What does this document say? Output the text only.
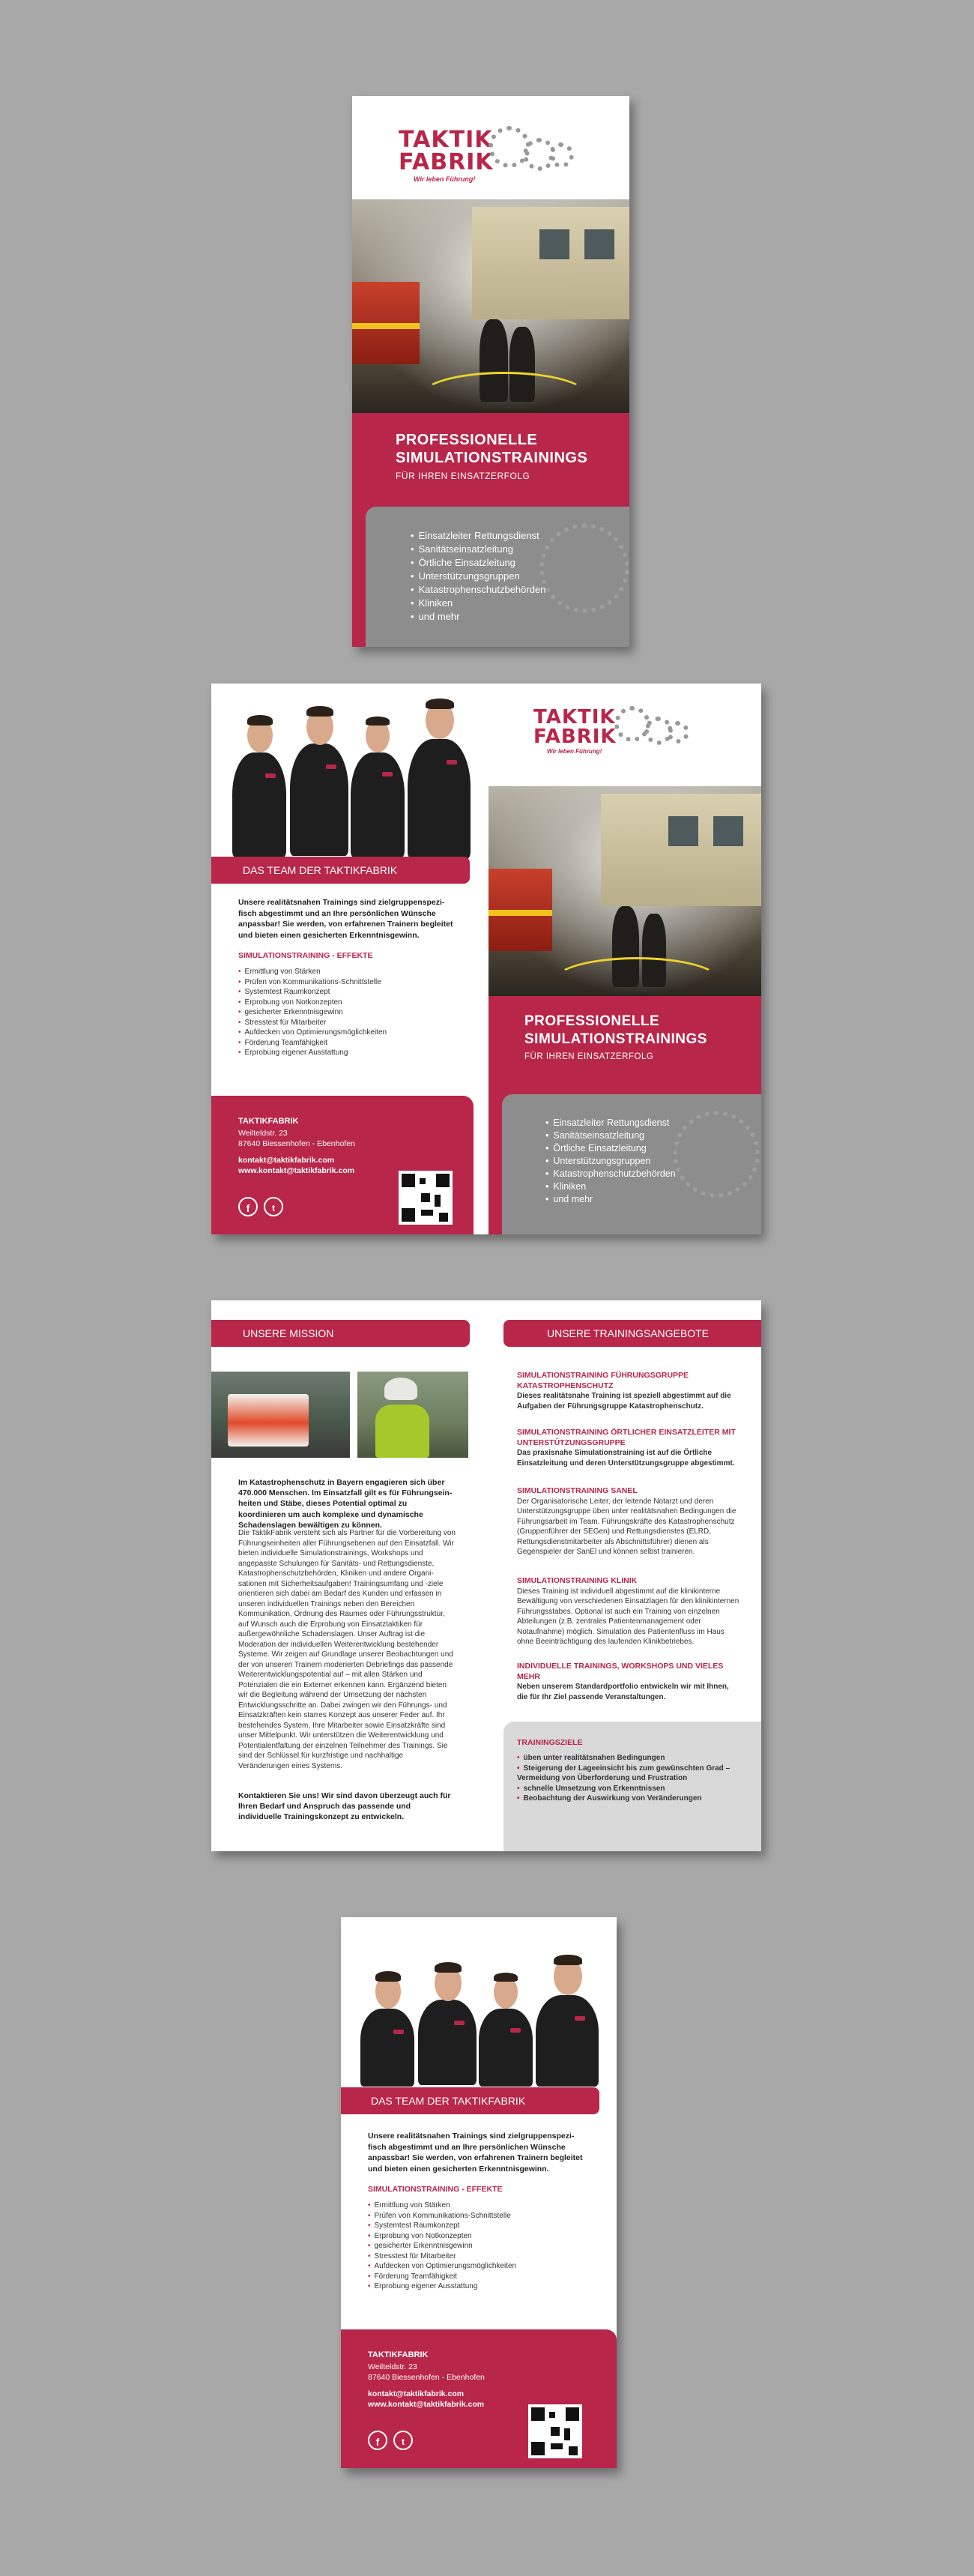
TAKTIK
FABRIK
Wir leben Führung!
PROFESSIONELLE
SIMULATIONSTRAININGS
FÜR IHREN EINSATZERFOLG
• Einsatzleiter Rettungsdienst
• Sanitätseinsatzleitung
• Örtliche Einsatzleitung
• Unterstützungsgruppen
• Katastrophenschutzbehörden
• Kliniken
• und mehr
DAS TEAM DER TAKTIKFABRIK
Unsere realitätsnahen Trainings sind zielgruppenspezifisch abgestimmt und an Ihre persönlichen Wünsche anpassbar! Sie werden, von erfahrenen Trainern begleitet und bieten einen gesicherten Erkenntnisgewinn.
SIMULATIONSTRAINING - EFFEKTE
• Ermittlung von Stärken
• Prüfen von Kommunikations-Schnittstelle
• Systemtest Raumkonzept
• Erprobung von Notkonzepten
• gesicherter Erkenntnisgewinn
• Stresstest für Mitarbeiter
• Aufdecken von Optimierungsmöglichkeiten
• Förderung Teamfähigkeit
• Erprobung eigener Ausstattung
TAKTIKFABRIK
Weilteldstr. 23
87640 Biessenhofen - Ebenhofen
kontakt@taktikfabrik.com
www.kontakt@taktikfabrik.com
f	t
TAKTIK
FABRIK
Wir leben Führung!
PROFESSIONELLE
SIMULATIONSTRAININGS
FÜR IHREN EINSATZERFOLG
• Einsatzleiter Rettungsdienst
• Sanitätseinsatzleitung
• Örtliche Einsatzleitung
• Unterstützungsgruppen
• Katastrophenschutzbehörden
• Kliniken
• und mehr
UNSERE MISSION
Im Katastrophenschutz in Bayern engagieren sich über 470.000 Menschen. Im Einsatzfall gilt es für Führungseinheiten und Stäbe, dieses Potential optimal zu koordinieren um auch komplexe und dynamische Schadenslagen bewältigen zu können.
Die TaktikFabrik versteht sich als Partner für die Vorbereitung von Führungseinheiten aller Führungsebenen auf den Einsatzfall. Wir bieten individuelle Simulationstrainings, Workshops und angepasste Schulungen für Sanitäts- und Rettungsdienste, Katastrophenschutzbehörden, Kliniken und andere Organisationen mit Sicherheitsaufgaben! Trainingsumfang und -ziele orientieren sich dabei am Bedarf des Kunden und erfassen in unseren individuellen Trainings neben den Bereichen Kommunikation, Ordnung des Raumes oder Führungsstruktur, auf Wunsch auch die Erprobung von Einsatztaktiken für außergewöhnliche Schadenslagen. Unser Auftrag ist die Moderation der individuellen Weiterentwicklung bestehender Systeme. Wir zeigen auf Grundlage unserer Beobachtungen und der von unseren Trainern moderierten Debriefings das passende Weiterentwicklungspotential auf – mit allen Stärken und Potenzialen die ein Externer erkennen kann. Ergänzend bieten wir die Begleitung während der Umsetzung der nächsten Entwicklungsschritte an. Dabei zwingen wir den Führungs- und Einsatzkräften kein starres Konzept aus unserer Feder auf. Ihr bestehendes System, Ihre Mitarbeiter sowie Einsatzkräfte sind unser Mittelpunkt. Wir unterstützen die Weiterentwicklung und Potentialentfaltung der einzelnen Teilnehmer des Trainings. Sie sind der Schlüssel für kurzfristige und nachhaltige Veränderungen eines Systems.
Kontaktieren Sie uns! Wir sind davon überzeugt auch für Ihren Bedarf und Anspruch das passende und individuelle Trainingskonzept zu entwickeln.
UNSERE TRAININGSANGEBOTE
SIMULATIONSTRAINING FÜHRUNGSGRUPPE KATASTROPHENSCHUTZ
Dieses realitätsnahe Training ist speziell abgestimmt auf die Aufgaben der Führungsgruppe Katastrophenschutz.
SIMULATIONSTRAINING ÖRTLICHER EINSATZLEITER MIT UNTERSTÜTZUNGSGRUPPE
Das praxisnahe Simulationstraining ist auf die Örtliche Einsatzleitung und deren Unterstützungsgruppe abgestimmt.
SIMULATIONSTRAINING SANEL
Der Organisatorische Leiter, der leitende Notarzt und deren Unterstützungsgruppe üben unter realitätsnahen Bedingungen die Führungsarbeit im Team. Führungskräfte des Katastrophenschutz (Gruppenführer der SEGen) und Rettungsdienstes (ELRD, Rettungsdienstmitarbeiter als Abschnittsführer) dienen als Gegenspieler der SanEl und können selbst trainieren.
SIMULATIONSTRAINING KLINIK
Dieses Training ist individuell abgestimmt auf die klinikinterne Bewältigung von verschiedenen Einsatzlagen für den klinikinternen Führungsstabes. Optional ist auch ein Training von einzelnen Abteilungen (z.B. zentrales Patientenmanagement oder Notaufnahme) möglich. Simulation des Patientenfluss im Haus ohne Beeinträchtigung des laufenden Klinikbetriebes.
INDIVIDUELLE TRAININGS, WORKSHOPS UND VIELES MEHR
Neben unserem Standardportfolio entwickeln wir mit Ihnen, die für Ihr Ziel passende Veranstaltungen.
TRAININGSZIELE
• üben unter realitätsnahen Bedingungen
• Steigerung der Lageeinsicht bis zum gewünschten Grad – Vermeidung von Überforderung und Frustration
• schnelle Umsetzung von Erkenntnissen
• Beobachtung der Auswirkung von Veränderungen
DAS TEAM DER TAKTIKFABRIK
Unsere realitätsnahen Trainings sind zielgruppenspezifisch abgestimmt und an Ihre persönlichen Wünsche anpassbar! Sie werden, von erfahrenen Trainern begleitet und bieten einen gesicherten Erkenntnisgewinn.
SIMULATIONSTRAINING - EFFEKTE
• Ermittlung von Stärken
• Prüfen von Kommunikations-Schnittstelle
• Systemtest Raumkonzept
• Erprobung von Notkonzepten
• gesicherter Erkenntnisgewinn
• Stresstest für Mitarbeiter
• Aufdecken von Optimierungsmöglichkeiten
• Förderung Teamfähigkeit
• Erprobung eigener Ausstattung
TAKTIKFABRIK
Weilteldstr. 23
87640 Biessenhofen - Ebenhofen
kontakt@taktikfabrik.com
www.kontakt@taktikfabrik.com
f	t
